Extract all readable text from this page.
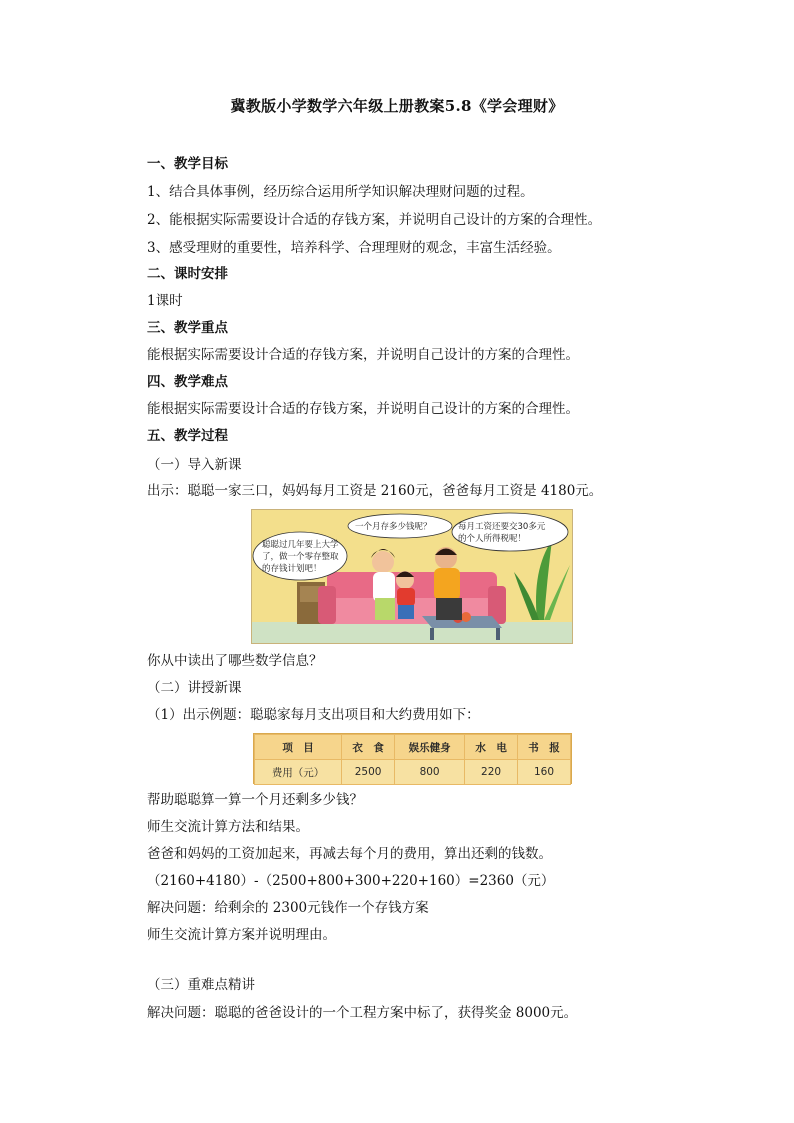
冀教版小学数学六年级上册教案5.8《学会理财》
一、教学目标
1、结合具体事例，经历综合运用所学知识解决理财问题的过程。
2、能根据实际需要设计合适的存钱方案，并说明自己设计的方案的合理性。
3、感受理财的重要性，培养科学、合理理财的观念，丰富生活经验。
二、课时安排
1课时
三、教学重点
能根据实际需要设计合适的存钱方案，并说明自己设计的方案的合理性。
四、教学难点
能根据实际需要设计合适的存钱方案，并说明自己设计的方案的合理性。
五、教学过程
（一）导入新课
出示：聪聪一家三口，妈妈每月工资是 2160元，爸爸每月工资是 4180元。
聪聪过几年要上大学
了，做一个零存整取
的存钱计划吧！
一个月存多少钱呢？	每月工资还要交30多元
的个人所得税呢！
你从中读出了哪些数学信息？
（二）讲授新课
（1）出示例题：聪聪家每月支出项目和大约费用如下：
项　目	衣　食	娱乐健身	水　电	书　报
费用（元）	2500	800	220	160
帮助聪聪算一算一个月还剩多少钱？
师生交流计算方法和结果。
爸爸和妈妈的工资加起来，再减去每个月的费用，算出还剩的钱数。
（2160+4180）-（2500+800+300+220+160）=2360（元）
解决问题：给剩余的 2300元钱作一个存钱方案
师生交流计算方案并说明理由。
（三）重难点精讲
解决问题：聪聪的爸爸设计的一个工程方案中标了，获得奖金 8000元。
